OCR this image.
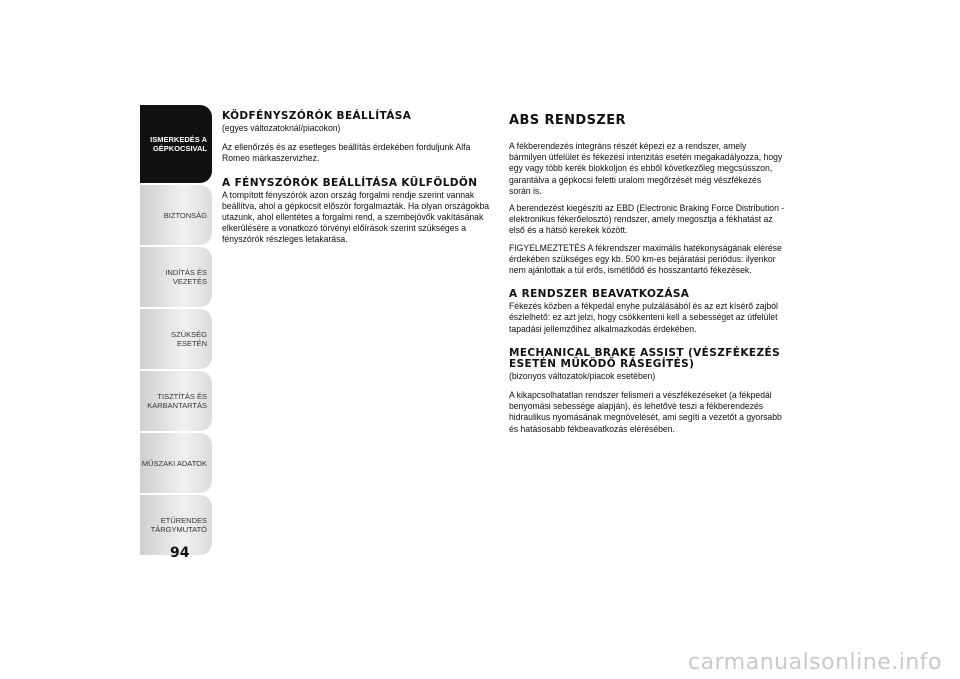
ISMERKEDÉS A GÉPKOCSIVAL
BIZTONSÁG
INDÍTÁS ÉS VEZETÉS
SZÜKSÉG ESETÉN
TISZTÍTÁS ÉS KARBANTARTÁS
MŰSZAKI ADATOK
ETŰRENDES TÁRGYMUTATÓ
94
KÖDFÉNYSZÓRÓK BEÁLLÍTÁSA

(egyes változatoknál/piacokon)

Az ellenőrzés és az esetleges beállítás érdekében forduljunk Alfa Romeo márkaszervizhez.

A FÉNYSZÓRÓK BEÁLLÍTÁSA KÜLFÖLDÖN

A tompított fényszórók azon ország forgalmi rendje szerint vannak beállítva, ahol a gépkocsit először forgalmazták. Ha olyan országokba utazunk, ahol ellentétes a forgalmi rend, a szembejövők vakításának elkerülésére a vonatkozó törvényi előírások szerint szükséges a fényszórók részleges letakarása.

ABS RENDSZER

A fékberendezés integráns részét képezi ez a rendszer, amely bármilyen útfelület és fékezési intenzitás esetén megakadályozza, hogy egy vagy több kerék blokkoljon és ebből következőleg megcsússzon, garantálva a gépkocsi feletti uralom megőrzését még vészfékezés során is.

A berendezést kiegészíti az EBD (Electronic Braking Force Distribution - elektronikus fékerőelosztó) rendszer, amely megosztja a fékhatást az első és a hátsó kerekek között.

FIGYELMEZTETÉS A fékrendszer maximális hatékonyságának elérése érdekében szükséges egy kb. 500 km-es bejáratási periódus: ilyenkor nem ajánlottak a túl erős, ismétlődő és hosszantartó fékezések.

A RENDSZER BEAVATKOZÁSA

Fékezés közben a fékpedál enyhe pulzálásából és az ezt kísérő zajból észlelhető: ez azt jelzi, hogy csökkenteni kell a sebességet az útfelület tapadási jellemzőihez alkalmazkodás érdekében.

MECHANICAL BRAKE ASSIST (VÉSZFÉKEZÉS ESETÉN MŰKÖDŐ RÁSEGÍTÉS)

(bizonyos változatok/piacok esetében)

A kikapcsolhatatlan rendszer felismeri a vészfékezéseket (a fékpedál benyomási sebessége alapján), és lehetővé teszi a fékberendezés hidraulikus nyomásának megnövelését, ami segíti a vezetőt a gyorsabb és hatásosabb fékbeavatkozás elérésében.

carmanualsonline.info
